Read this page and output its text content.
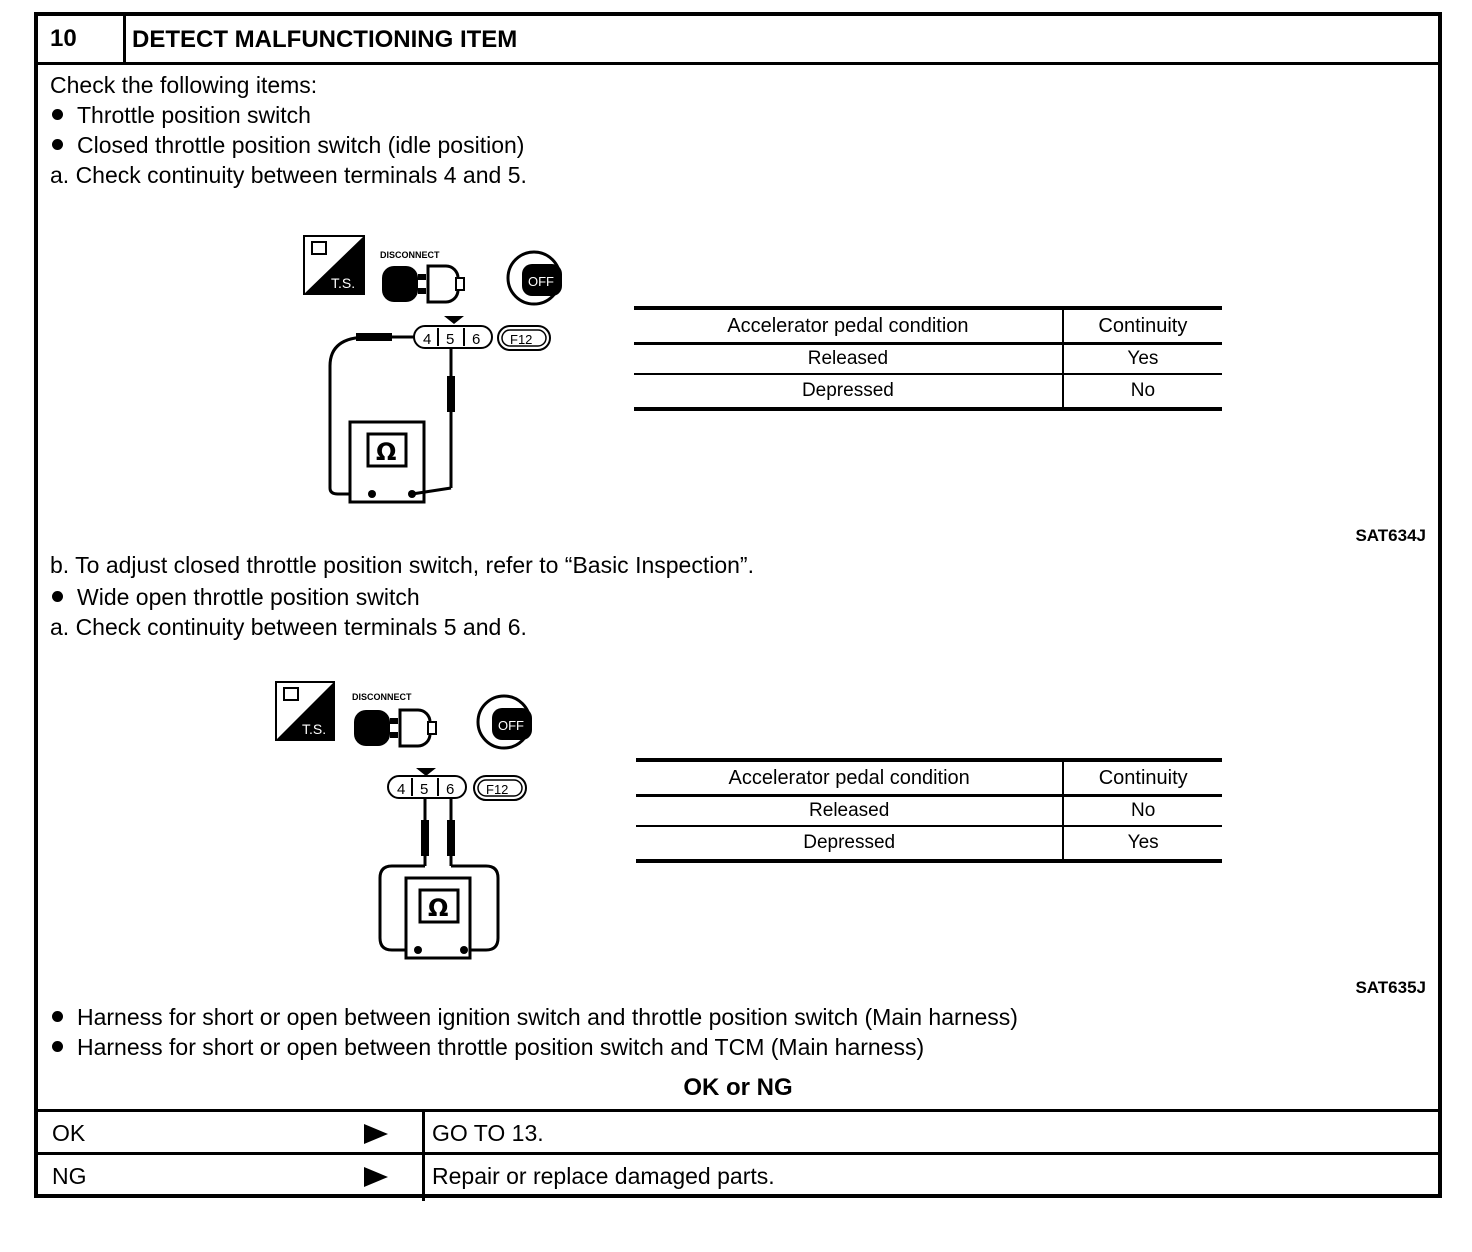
10	DETECT MALFUNCTIONING ITEM
Check the following items:
Throttle position switch
Closed throttle position switch (idle position)
a. Check continuity between terminals 4 and 5.
T.S.
DISCONNECT
OFF
4 5 6 F12
Ω
Accelerator pedal condition	Continuity
Released	Yes
Depressed	No
SAT634J
b. To adjust closed throttle position switch, refer to “Basic Inspection”.
Wide open throttle position switch
a. Check continuity between terminals 5 and 6.
T.S.
DISCONNECT
OFF
4 5 6 F12
Ω
Accelerator pedal condition	Continuity
Released	No
Depressed	Yes
SAT635J
Harness for short or open between ignition switch and throttle position switch (Main harness)
Harness for short or open between throttle position switch and TCM (Main harness)
OK or NG
OK	GO TO 13.
NG	Repair or replace damaged parts.
